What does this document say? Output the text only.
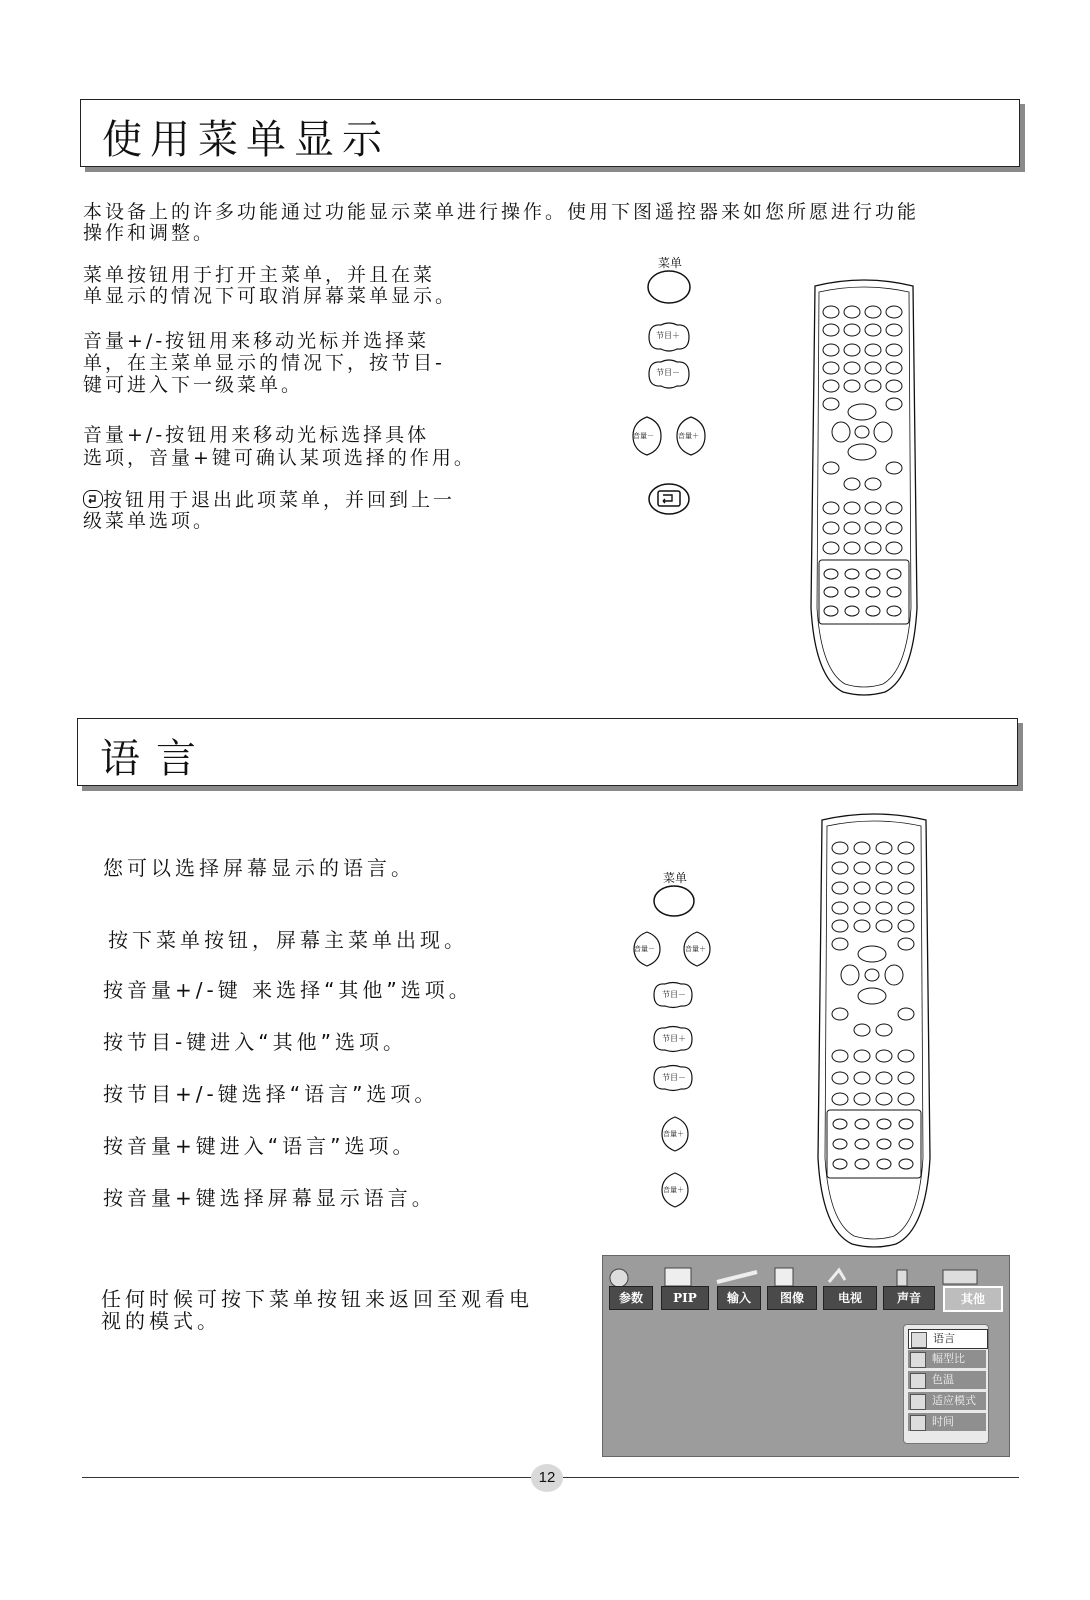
使用菜单显示
本设备上的许多功能通过功能显示菜单进行操作。使用下图遥控器来如您所愿进行功能
操作和调整。
菜单按钮用于打开主菜单，并且在菜
单显示的情况下可取消屏幕菜单显示。
音量+/-按钮用来移动光标并选择菜
单，在主菜单显示的情况下，按节目-
键可进入下一级菜单。
音量+/-按钮用来移动光标选择具体
选项，音量+键可确认某项选择的作用。
按钮用于退出此项菜单，并回到上一
级菜单选项。
菜单
节目＋
节目－
音量－	音量＋
语言
您可以选择屏幕显示的语言。
按下菜单按钮，屏幕主菜单出现。
按音量+/-键 来选择“其他”选项。
按节目-键进入“其他”选项。
按节目+/-键选择“语言”选项。
按音量+键进入“语言”选项。
按音量+键选择屏幕显示语言。
任何时候可按下菜单按钮来返回至观看电
视的模式。
菜单
音量－	音量＋
节目－
节目＋
节目－
音量＋
音量＋
参数	PIP	输入	图像	电视	声音	其他
语言
幅型比
色温
适应模式
时间
12
